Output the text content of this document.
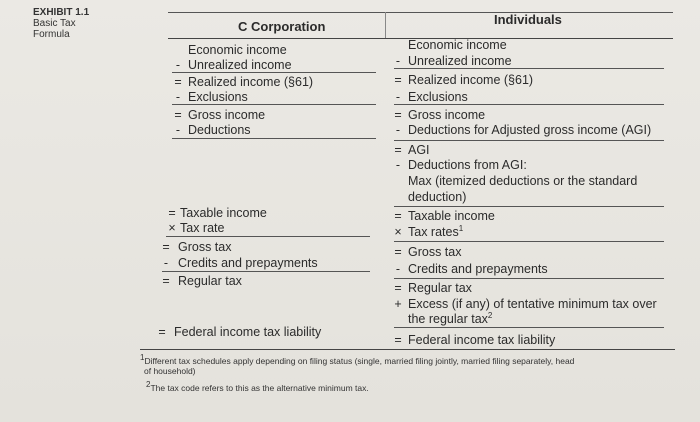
EXHIBIT 1.1
Basic Tax
Formula
C Corporation	Individuals
Economic income
- Unrealized income
= Realized income (§61)
- Exclusions
= Gross income
- Deductions
= Taxable income
× Tax rate
= Gross tax
- Credits and prepayments
= Regular tax
= Federal income tax liability
Economic income
- Unrealized income
= Realized income (§61)
- Exclusions
= Gross income
- Deductions for Adjusted gross income (AGI)
= AGI
- Deductions from AGI:
Max (itemized deductions or the standard
deduction)
= Taxable income
× Tax rates$^1$
= Gross tax
- Credits and prepayments
= Regular tax
+ Excess (if any) of tentative minimum tax over
the regular tax$^2$
= Federal income tax liability
$^1$Different tax schedules apply depending on filing status (single, married filing jointly, married filing separately, head
of household)
$^2$The tax code refers to this as the alternative minimum tax.
